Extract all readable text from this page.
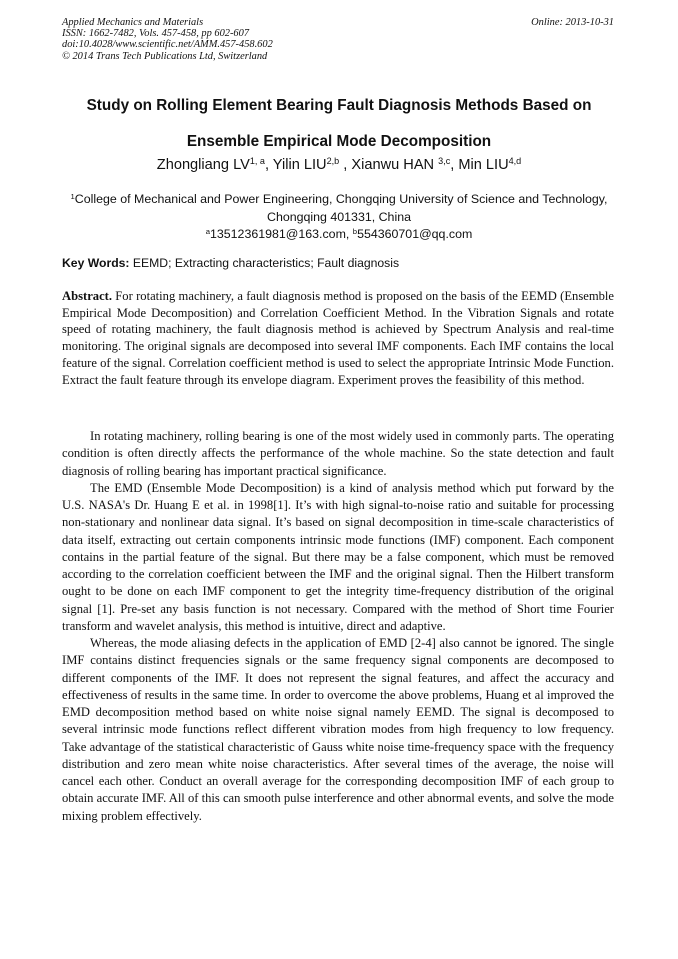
Applied Mechanics and Materials
ISSN: 1662-7482, Vols. 457-458, pp 602-607
doi:10.4028/www.scientific.net/AMM.457-458.602
© 2014 Trans Tech Publications Ltd, Switzerland
Online: 2013-10-31
Study on Rolling Element Bearing Fault Diagnosis Methods Based on
Ensemble Empirical Mode Decomposition
Zhongliang LV$^{1, a}$, Yilin LIU$^{2,b}$ , Xianwu HAN $^{3,c}$, Min LIU$^{4,d}$
$^1$College of Mechanical and Power Engineering, Chongqing University of Science and Technology,
Chongqing 401331, China
$^a$13512361981@163.com, $^b$554360701@qq.com
Key Words: EEMD; Extracting characteristics; Fault diagnosis
Abstract. For rotating machinery, a fault diagnosis method is proposed on the basis of the EEMD (Ensemble Empirical Mode Decomposition) and Correlation Coefficient Method. In the Vibration Signals and rotate speed of rotating machinery, the fault diagnosis method is achieved by Spectrum Analysis and real-time monitoring. The original signals are decomposed into several IMF components. Each IMF contains the local feature of the signal. Correlation coefficient method is used to select the appropriate Intrinsic Mode Function. Extract the fault feature through its envelope diagram. Experiment proves the feasibility of this method.

In rotating machinery, rolling bearing is one of the most widely used in commonly parts. The operating condition is often directly affects the performance of the whole machine. So the state detection and fault diagnosis of rolling bearing has important practical significance.

The EMD (Ensemble Mode Decomposition) is a kind of analysis method which put forward by the U.S. NASA's Dr. Huang E et al. in 1998[1]. It’s with high signal-to-noise ratio and suitable for processing non-stationary and nonlinear data signal. It’s based on signal decomposition in time-scale characteristics of data itself, extracting out certain components intrinsic mode functions (IMF) component. Each component contains in the partial feature of the signal. But there may be a false component, which must be removed according to the correlation coefficient between the IMF and the original signal. Then the Hilbert transform ought to be done on each IMF component to get the integrity time-frequency distribution of the original signal [1]. Pre-set any basis function is not necessary. Compared with the method of Short time Fourier transform and wavelet analysis, this method is intuitive, direct and adaptive.

Whereas, the mode aliasing defects in the application of EMD [2-4] also cannot be ignored. The single IMF contains distinct frequencies signals or the same frequency signal components are decomposed to different components of the IMF. It does not represent the signal features, and affect the accuracy and effectiveness of results in the same time. In order to overcome the above problems, Huang et al improved the EMD decomposition method based on white noise signal namely EEMD. The signal is decomposed to several intrinsic mode functions reflect different vibration modes from high frequency to low frequency. Take advantage of the statistical characteristic of Gauss white noise time-frequency space with the frequency distribution and zero mean white noise characteristics. After several times of the average, the noise will cancel each other. Conduct an overall average for the corresponding decomposition IMF of each group to obtain accurate IMF. All of this can smooth pulse interference and other abnormal events, and solve the mode mixing problem effectively.
